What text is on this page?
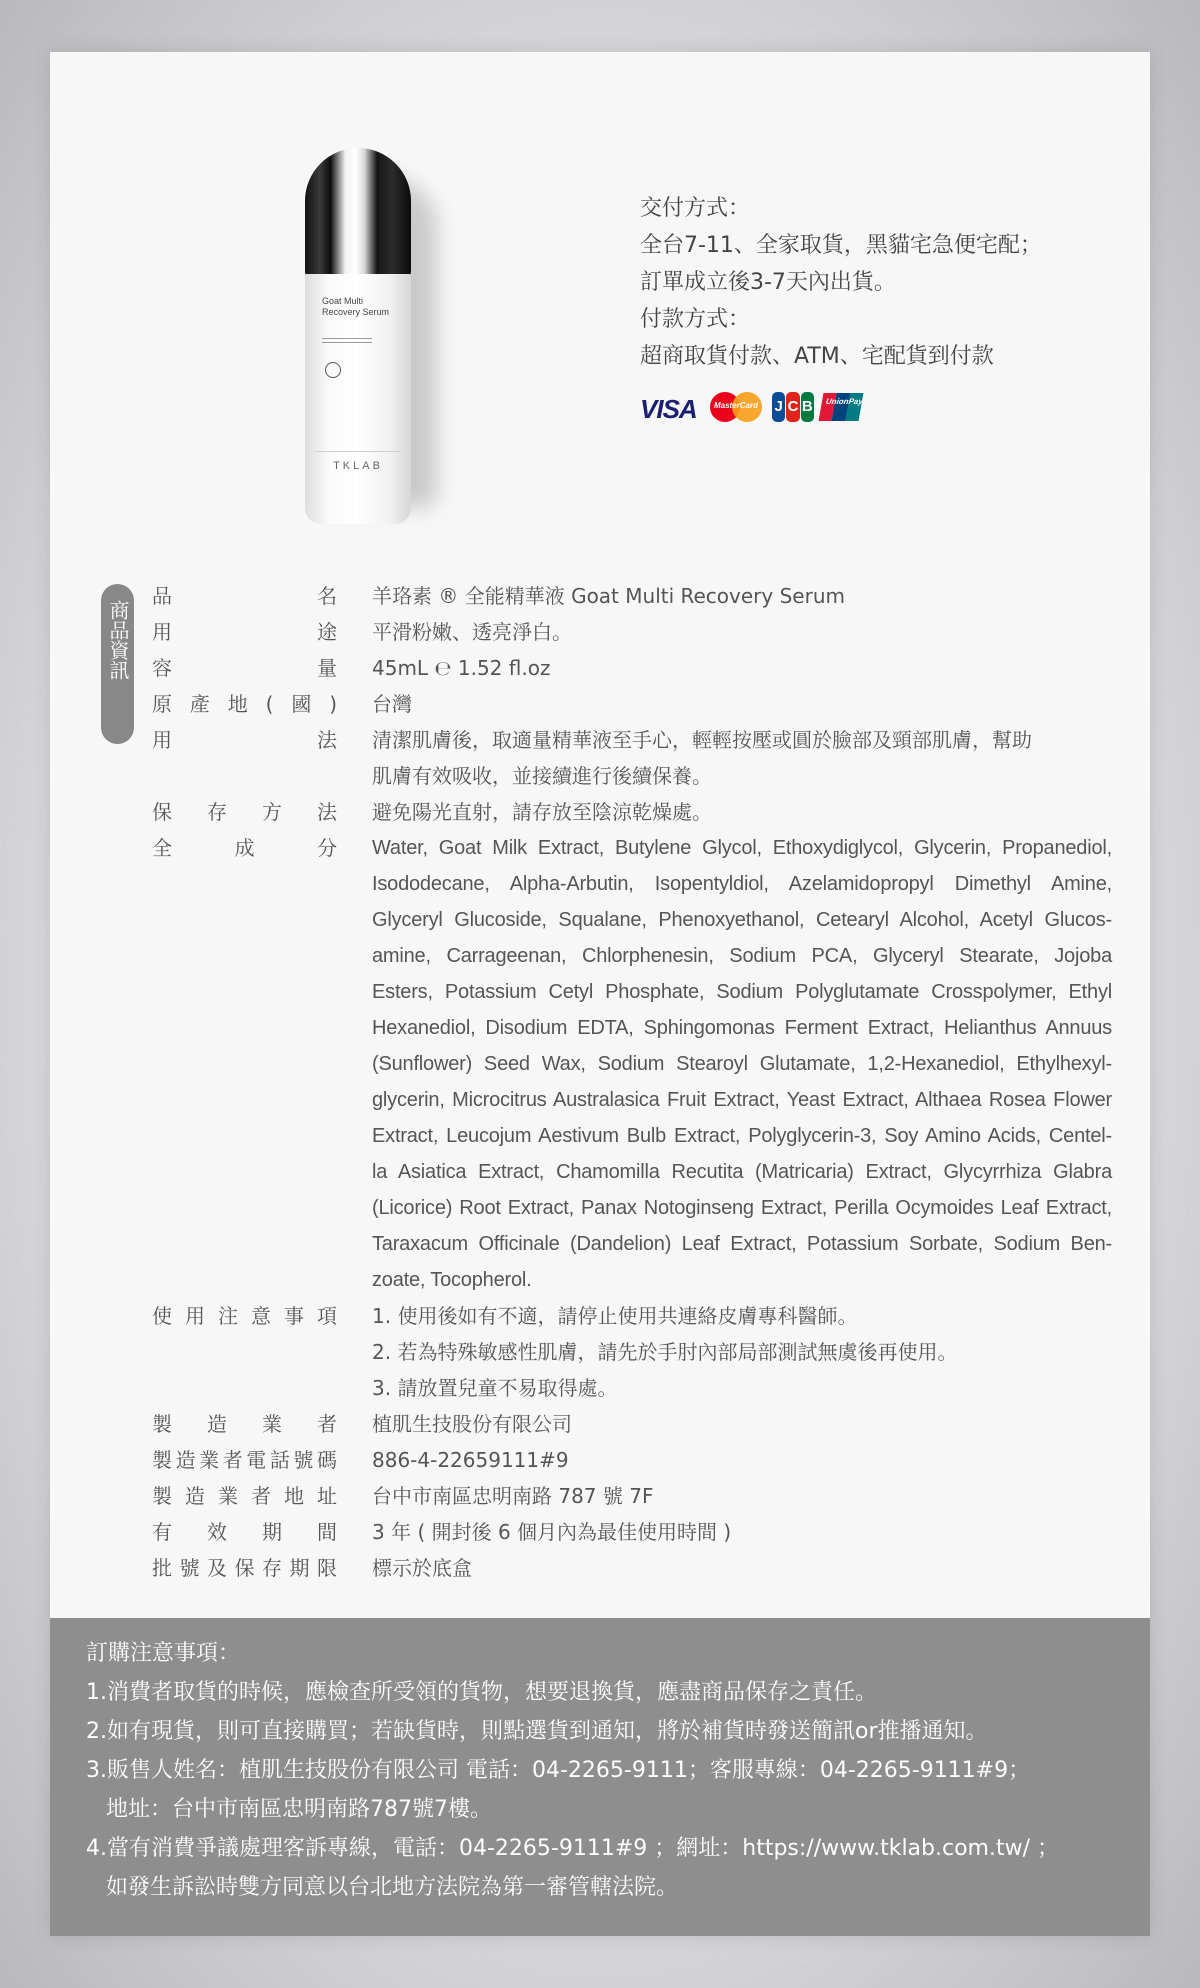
Goat Multi Recovery Serum
TKLAB
交付方式：
全台7-11、全家取貨，黑貓宅急便宅配；
訂單成立後3-7天內出貨。
付款方式：
超商取貨付款、ATM、宅配貨到付款
VISA	MasterCard	J C B UnionPay
商品資訊
品名 羊珞素 ® 全能精華液 Goat Multi Recovery Serum
用途 平滑粉嫩、透亮淨白。
容量 45mL ℮ 1.52 fl.oz
原產地(國) 台灣
用法 清潔肌膚後，取適量精華液至手心，輕輕按壓或圓於臉部及頸部肌膚，幫助
肌膚有效吸收，並接續進行後續保養。
保存方法 避免陽光直射，請存放至陰涼乾燥處。
全成分 Water, Goat Milk Extract, Butylene Glycol, Ethoxydiglycol, Glycerin, Propanediol,
Isododecane, Alpha-Arbutin, Isopentyldiol, Azelamidopropyl Dimethyl Amine,
Glyceryl Glucoside, Squalane, Phenoxyethanol, Cetearyl Alcohol, Acetyl Glucos-
amine, Carrageenan, Chlorphenesin, Sodium PCA, Glyceryl Stearate, Jojoba
Esters, Potassium Cetyl Phosphate, Sodium Polyglutamate Crosspolymer, Ethyl
Hexanediol, Disodium EDTA, Sphingomonas Ferment Extract, Helianthus Annuus
(Sunflower) Seed Wax, Sodium Stearoyl Glutamate, 1,2-Hexanediol, Ethylhexyl-
glycerin, Microcitrus Australasica Fruit Extract, Yeast Extract, Althaea Rosea Flower
Extract, Leucojum Aestivum Bulb Extract, Polyglycerin-3, Soy Amino Acids, Centel-
la Asiatica Extract, Chamomilla Recutita (Matricaria) Extract, Glycyrrhiza Glabra
(Licorice) Root Extract, Panax Notoginseng Extract, Perilla Ocymoides Leaf Extract,
Taraxacum Officinale (Dandelion) Leaf Extract, Potassium Sorbate, Sodium Ben-
zoate, Tocopherol.
使用注意事項 1. 使用後如有不適，請停止使用共連絡皮膚專科醫師。
2. 若為特殊敏感性肌膚，請先於手肘內部局部測試無虞後再使用。
3. 請放置兒童不易取得處。
製造業者 植肌生技股份有限公司
製造業者電話號碼 886-4-22659111#9
製造業者地址 台中市南區忠明南路 787 號 7F
有效期間 3 年 ( 開封後 6 個月內為最佳使用時間 )
批號及保存期限 標示於底盒
訂購注意事項：
1.消費者取貨的時候，應檢查所受領的貨物，想要退換貨，應盡商品保存之責任。
2.如有現貨，則可直接購買；若缺貨時，則點選貨到通知，將於補貨時發送簡訊or推播通知。
3.販售人姓名：植肌生技股份有限公司 電話：04-2265-9111；客服專線：04-2265-9111#9；
地址：台中市南區忠明南路787號7樓。
4.當有消費爭議處理客訴專線，電話：04-2265-9111#9 ；網址：https://www.tklab.com.tw/ ；
如發生訴訟時雙方同意以台北地方法院為第一審管轄法院。
